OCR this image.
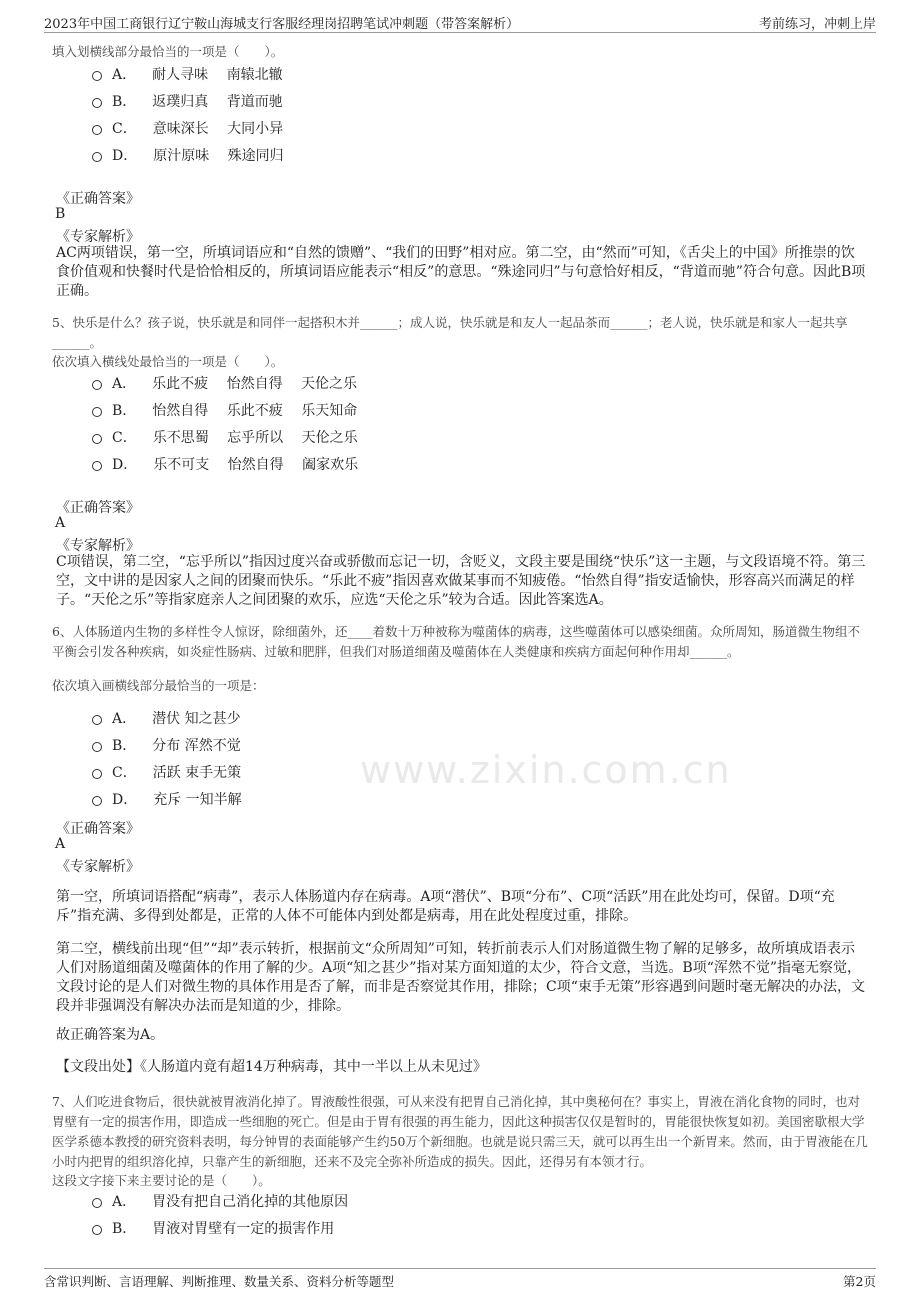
2023年中国工商银行辽宁鞍山海城支行客服经理岗招聘笔试冲刺题（带答案解析）	考前练习，冲刺上岸
www.zixin.com.cn
填入划横线部分最恰当的一项是（　　）。
A． 耐人寻味　 南辕北辙
B． 返璞归真　 背道而驰
C． 意味深长　 大同小异
D． 原汁原味　 殊途同归
《正确答案》
B
《专家解析》
AC两项错误，第一空，所填词语应和“自然的馈赠”、“我们的田野”相对应。第二空，由“然而”可知，《舌尖上的中国》所推崇的饮食价值观和快餐时代是恰恰相反的，所填词语应能表示“相反”的意思。“殊途同归”与句意恰好相反，“背道而驰”符合句意。因此B项正确。
5、快乐是什么？孩子说，快乐就是和同伴一起搭积木并______；成人说，快乐就是和友人一起品茶而______；老人说，快乐就是和家人一起共享______。
依次填入横线处最恰当的一项是（　　）。
A． 乐此不疲　 怡然自得　 天伦之乐
B． 怡然自得　 乐此不疲　 乐天知命
C． 乐不思蜀　 忘乎所以　 天伦之乐
D． 乐不可支　 怡然自得　 阖家欢乐
《正确答案》
A
《专家解析》
C项错误，第二空，“忘乎所以”指因过度兴奋或骄傲而忘记一切，含贬义，文段主要是围绕“快乐”这一主题，与文段语境不符。第三空，文中讲的是因家人之间的团聚而快乐。“乐此不疲”指因喜欢做某事而不知疲倦。“怡然自得”指安适愉快，形容高兴而满足的样子。“天伦之乐”等指家庭亲人之间团聚的欢乐，应选“天伦之乐”较为合适。因此答案选A。
6、人体肠道内生物的多样性令人惊讶，除细菌外，还____着数十万种被称为噬菌体的病毒，这些噬菌体可以感染细菌。众所周知，肠道微生物组不平衡会引发各种疾病，如炎症性肠病、过敏和肥胖，但我们对肠道细菌及噬菌体在人类健康和疾病方面起何种作用却______。
依次填入画横线部分最恰当的一项是：
A． 潜伏 知之甚少
B． 分布 浑然不觉
C． 活跃 束手无策
D． 充斥 一知半解
《正确答案》
A
《专家解析》
第一空，所填词语搭配“病毒”，表示人体肠道内存在病毒。A项“潜伏”、B项“分布”、C项“活跃”用在此处均可，保留。D项“充斥”指充满、多得到处都是，正常的人体不可能体内到处都是病毒，用在此处程度过重，排除。
第二空，横线前出现“但”“却”表示转折，根据前文“众所周知”可知，转折前表示人们对肠道微生物了解的足够多，故所填成语表示人们对肠道细菌及噬菌体的作用了解的少。A项“知之甚少”指对某方面知道的太少，符合文意，当选。B项“浑然不觉”指毫无察觉，文段讨论的是人们对微生物的具体作用是否了解，而非是否察觉其作用，排除；C项“束手无策”形容遇到问题时毫无解决的办法，文段并非强调没有解决办法而是知道的少，排除。
故正确答案为A。
【文段出处】《人肠道内竟有超14万种病毒，其中一半以上从未见过》
7、人们吃进食物后，很快就被胃液消化掉了。胃液酸性很强，可从来没有把胃自己消化掉，其中奥秘何在？事实上，胃液在消化食物的同时，也对胃壁有一定的损害作用，即造成一些细胞的死亡。但是由于胃有很强的再生能力，因此这种损害仅仅是暂时的，胃能很快恢复如初。美国密歇根大学医学系德本教授的研究资料表明，每分钟胃的表面能够产生约50万个新细胞。也就是说只需三天，就可以再生出一个新胃来。然而，由于胃液能在几小时内把胃的组织溶化掉，只靠产生的新细胞，还来不及完全弥补所造成的损失。因此，还得另有本领才行。
这段文字接下来主要讨论的是（　　）。
A． 胃没有把自己消化掉的其他原因
B． 胃液对胃壁有一定的损害作用
含常识判断、言语理解、判断推理、数量关系、资料分析等题型	第2页
